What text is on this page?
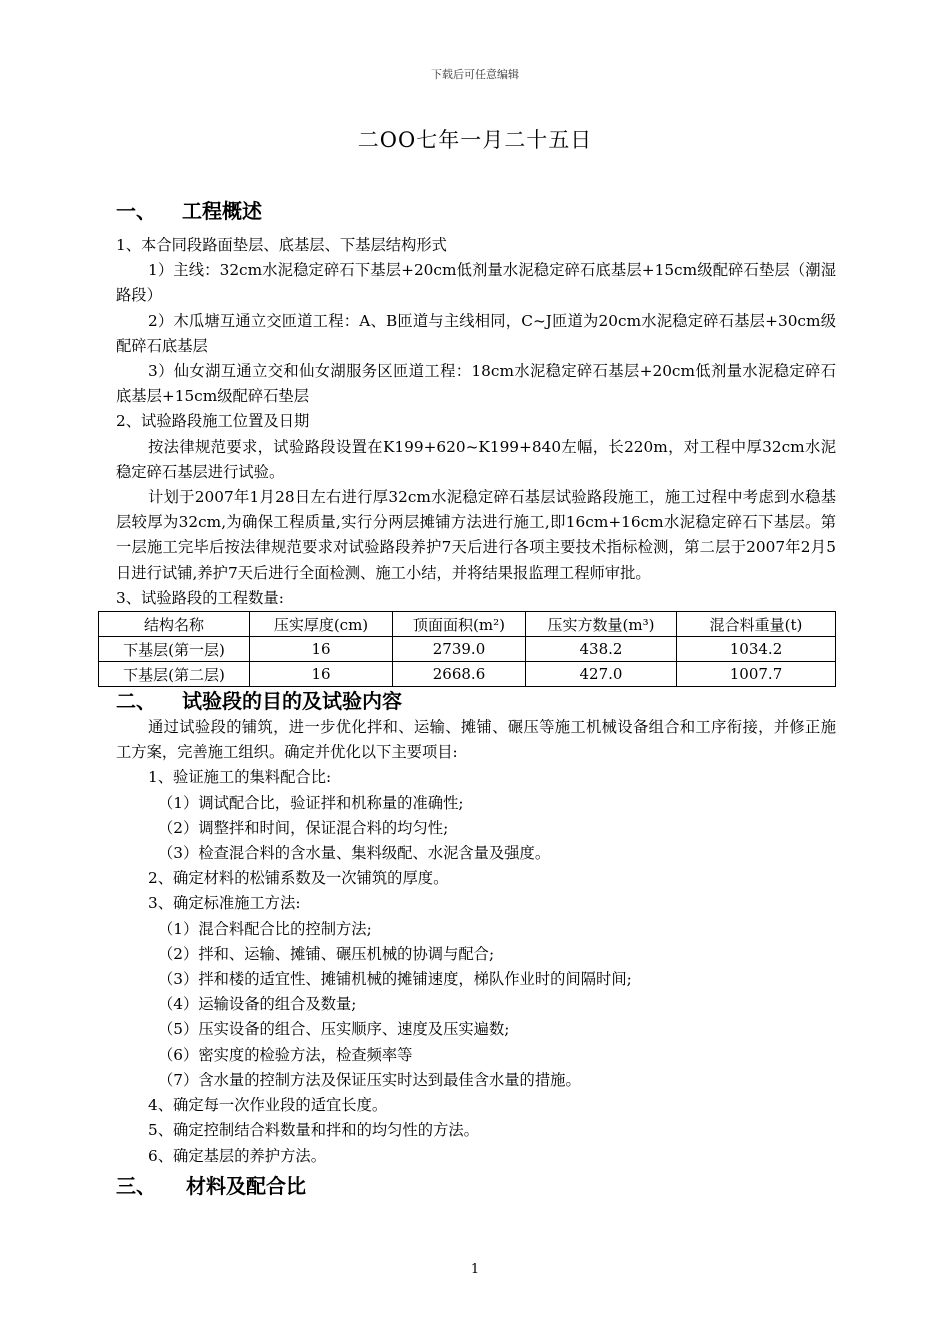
下载后可任意编辑
二OO七年一月二十五日
一、	工程概述

1、本合同段路面垫层、底基层、下基层结构形式

1）主线：32cm水泥稳定碎石下基层+20cm低剂量水泥稳定碎石底基层+15cm级配碎石垫层（潮湿路段）

2）木瓜塘互通立交匝道工程：A、B匝道与主线相同，C~J匝道为20cm水泥稳定碎石基层+30cm级配碎石底基层

3）仙女湖互通立交和仙女湖服务区匝道工程：18cm水泥稳定碎石基层+20cm低剂量水泥稳定碎石底基层+15cm级配碎石垫层

2、试验路段施工位置及日期

按法律规范要求，试验路段设置在K199+620~K199+840左幅，长220m，对工程中厚32cm水泥稳定碎石基层进行试验。

计划于2007年1月28日左右进行厚32cm水泥稳定碎石基层试验路段施工，施工过程中考虑到水稳基层较厚为32cm,为确保工程质量,实行分两层摊铺方法进行施工,即16cm+16cm水泥稳定碎石下基层。第一层施工完毕后按法律规范要求对试验路段养护7天后进行各项主要技术指标检测，第二层于2007年2月5日进行试铺,养护7天后进行全面检测、施工小结，并将结果报监理工程师审批。

3、试验路段的工程数量:

结构名称	压实厚度(cm)	顶面面积(m²)	压实方数量(m³)	混合料重量(t)
下基层(第一层)	16	2739.0	438.2	1034.2
下基层(第二层)	16	2668.6	427.0	1007.7
二、	试验段的目的及试验内容

通过试验段的铺筑，进一步优化拌和、运输、摊铺、碾压等施工机械设备组合和工序衔接，并修正施工方案，完善施工组织。确定并优化以下主要项目:

1、验证施工的集料配合比:

（1）调试配合比，验证拌和机称量的准确性;

（2）调整拌和时间，保证混合料的均匀性;

（3）检查混合料的含水量、集料级配、水泥含量及强度。

2、确定材料的松铺系数及一次铺筑的厚度。

3、确定标准施工方法:

（1）混合料配合比的控制方法;

（2）拌和、运输、摊铺、碾压机械的协调与配合;

（3）拌和楼的适宜性、摊铺机械的摊铺速度，梯队作业时的间隔时间;

（4）运输设备的组合及数量;

（5）压实设备的组合、压实顺序、速度及压实遍数;

（6）密实度的检验方法，检查频率等

（7）含水量的控制方法及保证压实时达到最佳含水量的措施。

4、确定每一次作业段的适宜长度。

5、确定控制结合料数量和拌和的均匀性的方法。

6、确定基层的养护方法。

三、	材料及配合比
1
